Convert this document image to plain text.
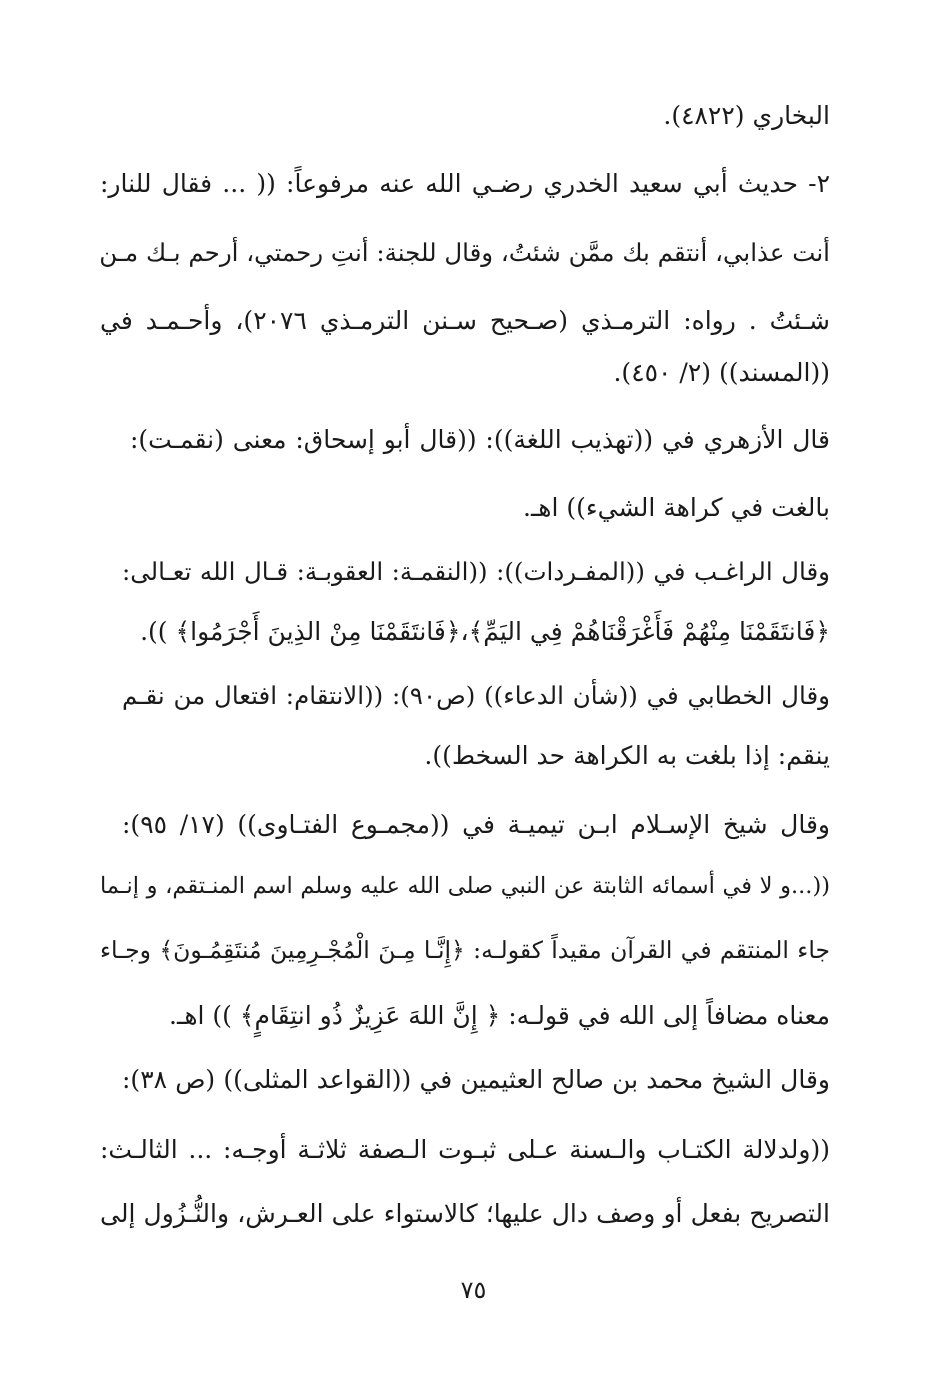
البخاري (٤٨٢٢).
٢- حديث أبي سعيد الخدري رضـي الله عنه مرفوعاً: (( ... فقال للنار:
أنت عذابي، أنتقم بك ممَّن شئتُ، وقال للجنة: أنتِ رحمتي، أرحم بـك مـن
شـئتُ . رواه: الترمـذي (صـحيح سـنن الترمـذي ٢٠٧٦)، وأحـمـد في
((المسند)) (٢/ ٤٥٠).
قال الأزهري في ((تهذيب اللغة)): ((قال أبو إسحاق: معنى (نقمـت):
بالغت في كراهة الشيء)) اهـ.
وقال الراغـب في ((المفـردات)): ((النقمـة: العقوبـة: قـال الله تعـالى:
﴿فَانتَقَمْنَا مِنْهُمْ فَأَغْرَقْنَاهُمْ فِي اليَمِّ﴾،﴿فَانتَقَمْنَا مِنْ الذِينَ أَجْرَمُوا﴾ )).
وقال الخطابي في ((شأن الدعاء)) (ص٩٠): ((الانتقام: افتعال من نقـم
ينقم: إذا بلغت به الكراهة حد السخط)).
وقال شيخ الإسـلام ابـن تيميـة في ((مجمـوع الفتـاوى)) (١٧/ ٩٥):
((...و لا في أسمائه الثابتة عن النبي صلى الله عليه وسلم اسم المنـتقم، و إنـما
جاء المنتقم في القرآن مقيداً كقولـه: ﴿إِنَّـا مِـنَ الْمُجْـرِمِينَ مُنتَقِمُـونَ﴾ وجـاء
معناه مضافاً إلى الله في قولـه: ﴿ إِنَّ اللهَ عَزِيزٌ ذُو انتِقَامٍ﴾ )) اهـ.
وقال الشيخ محمد بن صالح العثيمين في ((القواعد المثلى)) (ص ٣٨):
((ولدلالة الكتـاب والـسنة عـلى ثبـوت الـصفة ثلاثـة أوجـه: ... الثالـث:
التصريح بفعل أو وصف دال عليها؛ كالاستواء على العـرش، والنُّـزُول إلى
٧٥
